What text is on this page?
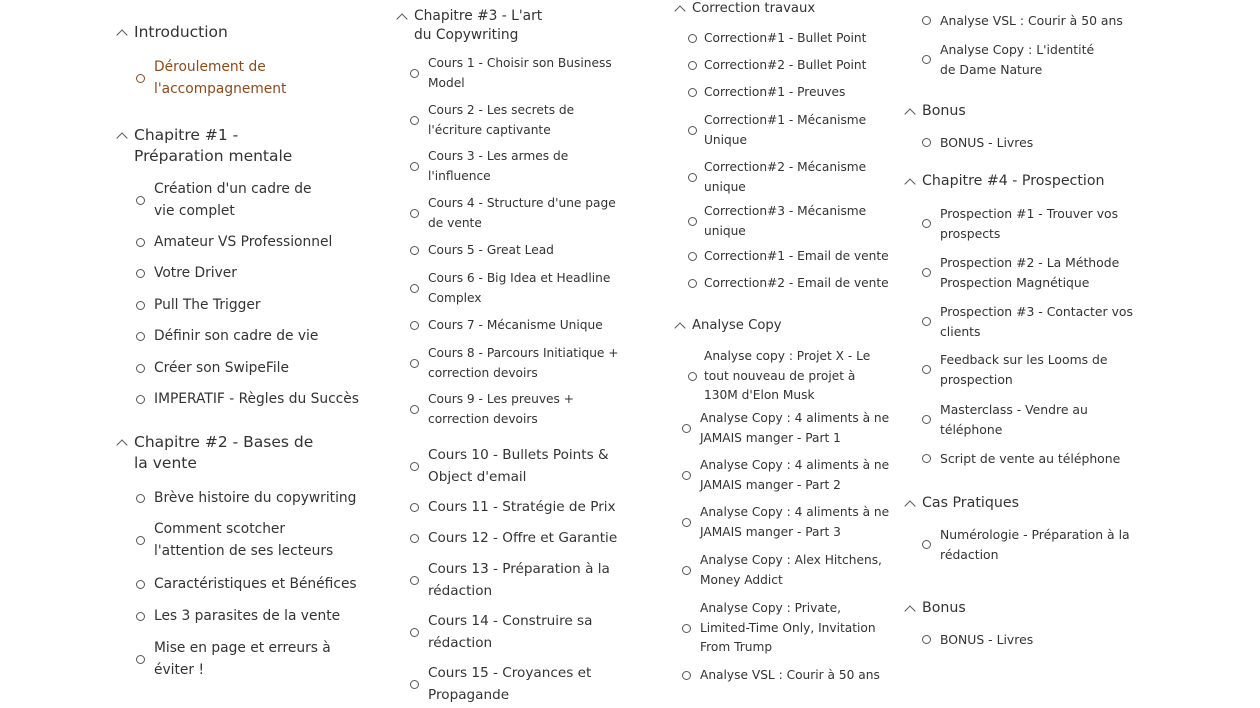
Introduction
Déroulement de l'accompagnement
Chapitre #1 - Préparation mentale
Création d'un cadre de vie complet
Amateur VS Professionnel
Votre Driver
Pull The Trigger
Définir son cadre de vie
Créer son SwipeFile
IMPERATIF - Règles du Succès
Chapitre #2 - Bases de la vente
Brève histoire du copywriting
Comment scotcher l'attention de ses lecteurs
Caractéristiques et Bénéfices
Les 3 parasites de la vente
Mise en page et erreurs à éviter !
Chapitre #3 - L'art du Copywriting
Cours 1 - Choisir son Business Model
Cours 2 - Les secrets de l'écriture captivante
Cours 3 - Les armes de l'influence
Cours 4 - Structure d'une page de vente
Cours 5 - Great Lead
Cours 6 - Big Idea et Headline Complex
Cours 7 - Mécanisme Unique
Cours 8 - Parcours Initiatique + correction devoirs
Cours 9 - Les preuves + correction devoirs
Cours 10 - Bullets Points & Object d'email
Cours 11 - Stratégie de Prix
Cours 12 - Offre et Garantie
Cours 13 - Préparation à la rédaction
Cours 14 - Construire sa rédaction
Cours 15 - Croyances et Propagande
Correction travaux
Correction#1 - Bullet Point
Correction#2 - Bullet Point
Correction#1 - Preuves
Correction#1 - Mécanisme Unique
Correction#2 - Mécanisme unique
Correction#3 - Mécanisme unique
Correction#1 - Email de vente
Correction#2 - Email de vente
Analyse Copy
Analyse copy : Projet X - Le tout nouveau de projet à 130M d'Elon Musk
Analyse Copy : 4 aliments à ne JAMAIS manger - Part 1
Analyse Copy : 4 aliments à ne JAMAIS manger - Part 2
Analyse Copy : 4 aliments à ne JAMAIS manger - Part 3
Analyse Copy : Alex Hitchens, Money Addict
Analyse Copy : Private, Limited-Time Only, Invitation From Trump
Analyse VSL : Courir à 50 ans
Analyse VSL : Courir à 50 ans
Analyse Copy : L'identité de Dame Nature
Bonus
BONUS - Livres
Chapitre #4 - Prospection
Prospection #1 - Trouver vos prospects
Prospection #2 - La Méthode Prospection Magnétique
Prospection #3 - Contacter vos clients
Feedback sur les Looms de prospection
Masterclass - Vendre au téléphone
Script de vente au téléphone
Cas Pratiques
Numérologie - Préparation à la rédaction
Bonus
BONUS - Livres
